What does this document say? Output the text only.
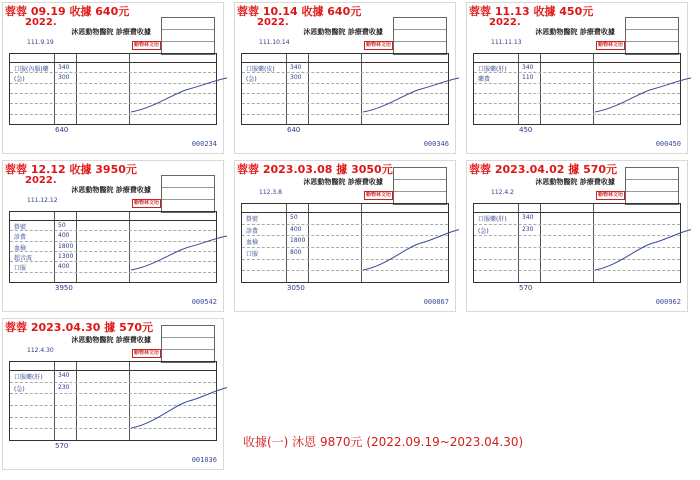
蓉蓉 09.19 收據 640元
2022.
沐恩動物醫院 診療費收據
111.9.19	動物林文衍
口服(內服)藥 340
(急)	300
640
000234
蓉蓉 10.14 收據 640元
2022.
沐恩動物醫院 診療費收據
111.10.14	動物林文衍
口服藥(皮)	340
(急)	300
640
000346
蓉蓉 11.13 收據 450元
2022.
沐恩動物醫院 診療費收據
111.11.13	動物林文衍
口服藥(肝)	340
藥費	110
450
000450
蓉蓉 12.12 收據 3950元
2022.
沐恩動物醫院 診療費收據
111.12.12	動物林文衍
掛號	50
診費	400
血檢	1800
超音波	1300
口服	400
3950
000542
蓉蓉 2023.03.08 據 3050元
沐恩動物醫院 診療費收據
112.3.8	動物林文衍
掛號	50
診費	400
血檢	1800
口服	800
3050
000867
蓉蓉 2023.04.02 據 570元
沐恩動物醫院 診療費收據
112.4.2	動物林文衍
口服藥(肝)	340
(急)	230
570
000962
蓉蓉 2023.04.30 據 570元
沐恩動物醫院 診療費收據
112.4.30	動物林文衍
口服藥(肝)	340
(急)	230
570
001036
收據(一) 沐恩 9870元 (2022.09.19~2023.04.30)
